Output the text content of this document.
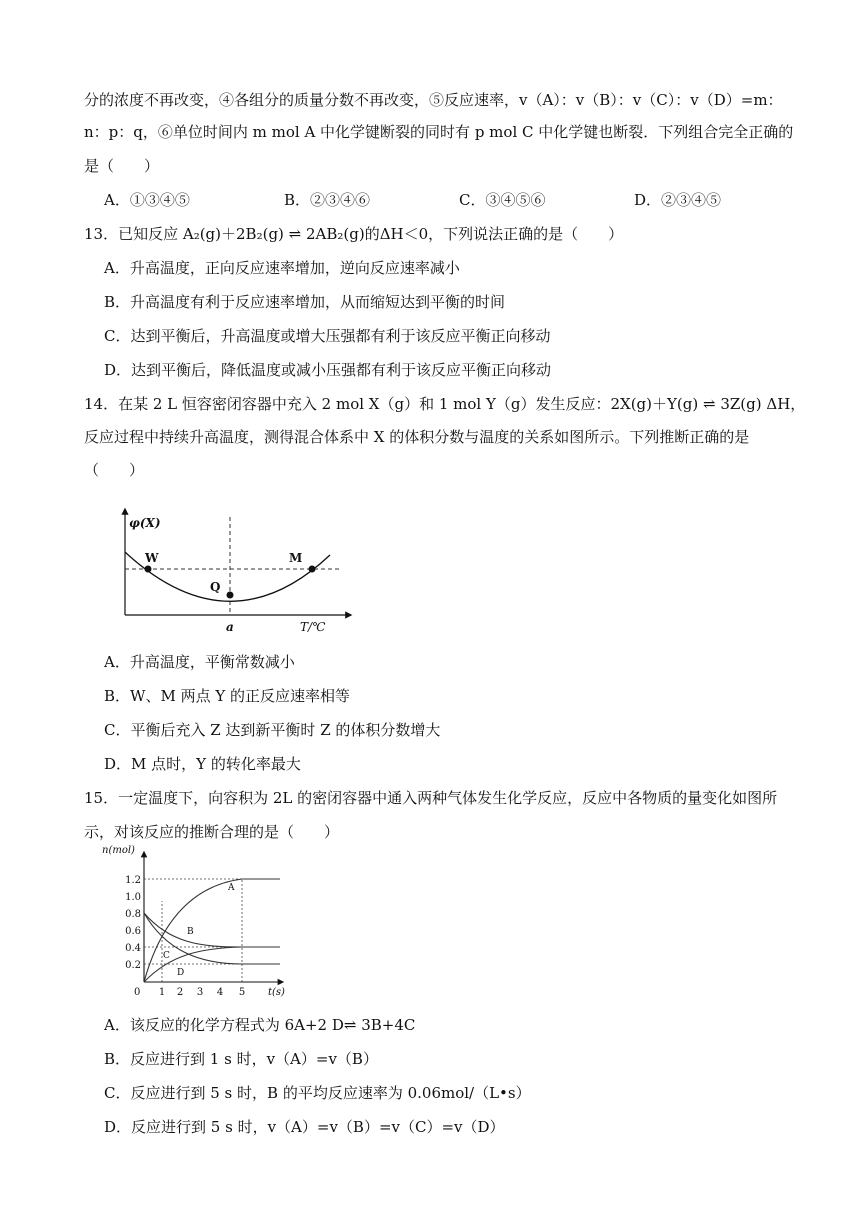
分的浓度不再改变，④各组分的质量分数不再改变，⑤反应速率，v（A）：v（B）：v（C）：v（D）=m：
n：p：q，⑥单位时间内 m mol A 中化学键断裂的同时有 p mol C 中化学键也断裂．下列组合完全正确的
是（　　）
A．①③④⑤	B．②③④⑥	C．③④⑤⑥	D．②③④⑤
13．已知反应 A₂(g)＋2B₂(g) ⇌ 2AB₂(g)的ΔH＜0，下列说法正确的是（　　）
A．升高温度，正向反应速率增加，逆向反应速率减小
B．升高温度有利于反应速率增加，从而缩短达到平衡的时间
C．达到平衡后，升高温度或增大压强都有利于该反应平衡正向移动
D．达到平衡后，降低温度或减小压强都有利于该反应平衡正向移动
14．在某 2 L 恒容密闭容器中充入 2 mol X（g）和 1 mol Y（g）发生反应：2X(g)＋Y(g) ⇌ 3Z(g) ΔH，
反应过程中持续升高温度，测得混合体系中 X 的体积分数与温度的关系如图所示。下列推断正确的是
（　　）
W
Q
M
φ(X)
T/℃
a
A．升高温度，平衡常数减小
B．W、M 两点 Y 的正反应速率相等
C．平衡后充入 Z 达到新平衡时 Z 的体积分数增大
D．M 点时，Y 的转化率最大
15．一定温度下，向容积为 2L 的密闭容器中通入两种气体发生化学反应，反应中各物质的量变化如图所
示，对该反应的推断合理的是（　　）
n(mol)
1.2
1.0
0.8
0.6
0.4
0.2
0 1 2 3 4 5 t(s)
A
B
C
D
A．该反应的化学方程式为 6A+2 D⇌ 3B+4C
B．反应进行到 1 s 时，v（A）=v（B）
C．反应进行到 5 s 时，B 的平均反应速率为 0.06mol/（L•s）
D．反应进行到 5 s 时，v（A）=v（B）=v（C）=v（D）
